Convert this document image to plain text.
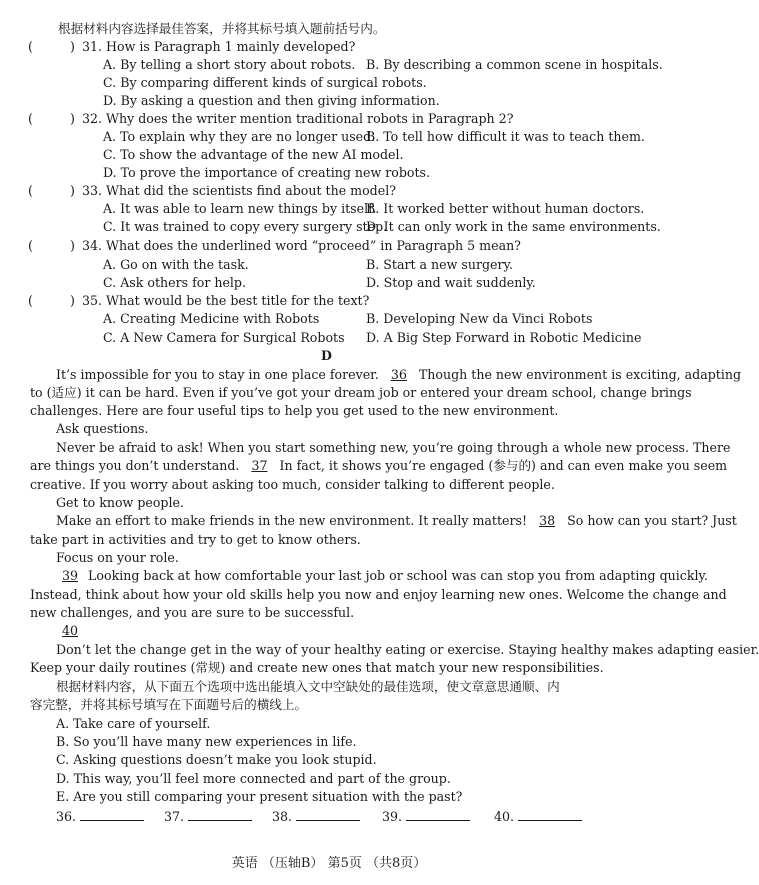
根据材料内容选择最佳答案，并将其标号填入题前括号内。
(	) 31. How is Paragraph 1 mainly developed?
A. By telling a short story about robots. B. By describing a common scene in hospitals.
C. By comparing different kinds of surgical robots.
D. By asking a question and then giving information.
(	) 32. Why does the writer mention traditional robots in Paragraph 2?
A. To explain why they are no longer used.
B. To tell how difficult it was to teach them.
C. To show the advantage of the new AI model.
D. To prove the importance of creating new robots.
(	) 33. What did the scientists find about the model?
A. It was able to learn new things by itself.
B. It worked better without human doctors.
C. It was trained to copy every surgery step.
D. It can only work in the same environments.
(	) 34. What does the underlined word “proceed” in Paragraph 5 mean?
A. Go on with the task.	B. Start a new surgery.
C. Ask others for help.	D. Stop and wait suddenly.
(	) 35. What would be the best title for the text?
A. Creating Medicine with Robots	B. Developing New da Vinci Robots
C. A New Camera for Surgical Robots D. A Big Step Forward in Robotic Medicine
D
It’s impossible for you to stay in one place forever. 36 Though the new environment is exciting, adapting
to (适应) it can be hard. Even if you’ve got your dream job or entered your dream school, change brings
challenges. Here are four useful tips to help you get used to the new environment.
Ask questions.
Never be afraid to ask! When you start something new, you’re going through a whole new process. There
are things you don’t understand. 37 In fact, it shows you’re engaged (参与的) and can even make you seem
creative. If you worry about asking too much, consider talking to different people.
Get to know people.
Make an effort to make friends in the new environment. It really matters! 38 So how can you start? Just
take part in activities and try to get to know others.
Focus on your role.
39 Looking back at how comfortable your last job or school was can stop you from adapting quickly.
Instead, think about how your old skills help you now and enjoy learning new ones. Welcome the change and
new challenges, and you are sure to be successful.
40
Don’t let the change get in the way of your healthy eating or exercise. Staying healthy makes adapting easier.
Keep your daily routines (常规) and create new ones that match your new responsibilities.
根据材料内容，从下面五个选项中选出能填入文中空缺处的最佳选项，使文章意思通顺、内
容完整，并将其标号填写在下面题号后的横线上。
A. Take care of yourself.
B. So you’ll have many new experiences in life.
C. Asking questions doesn’t make you look stupid.
D. This way, you’ll feel more connected and part of the group.
E. Are you still comparing your present situation with the past?
36.	37.	38.	39.	40.
英语 （压轴B） 第5页 （共8页）
